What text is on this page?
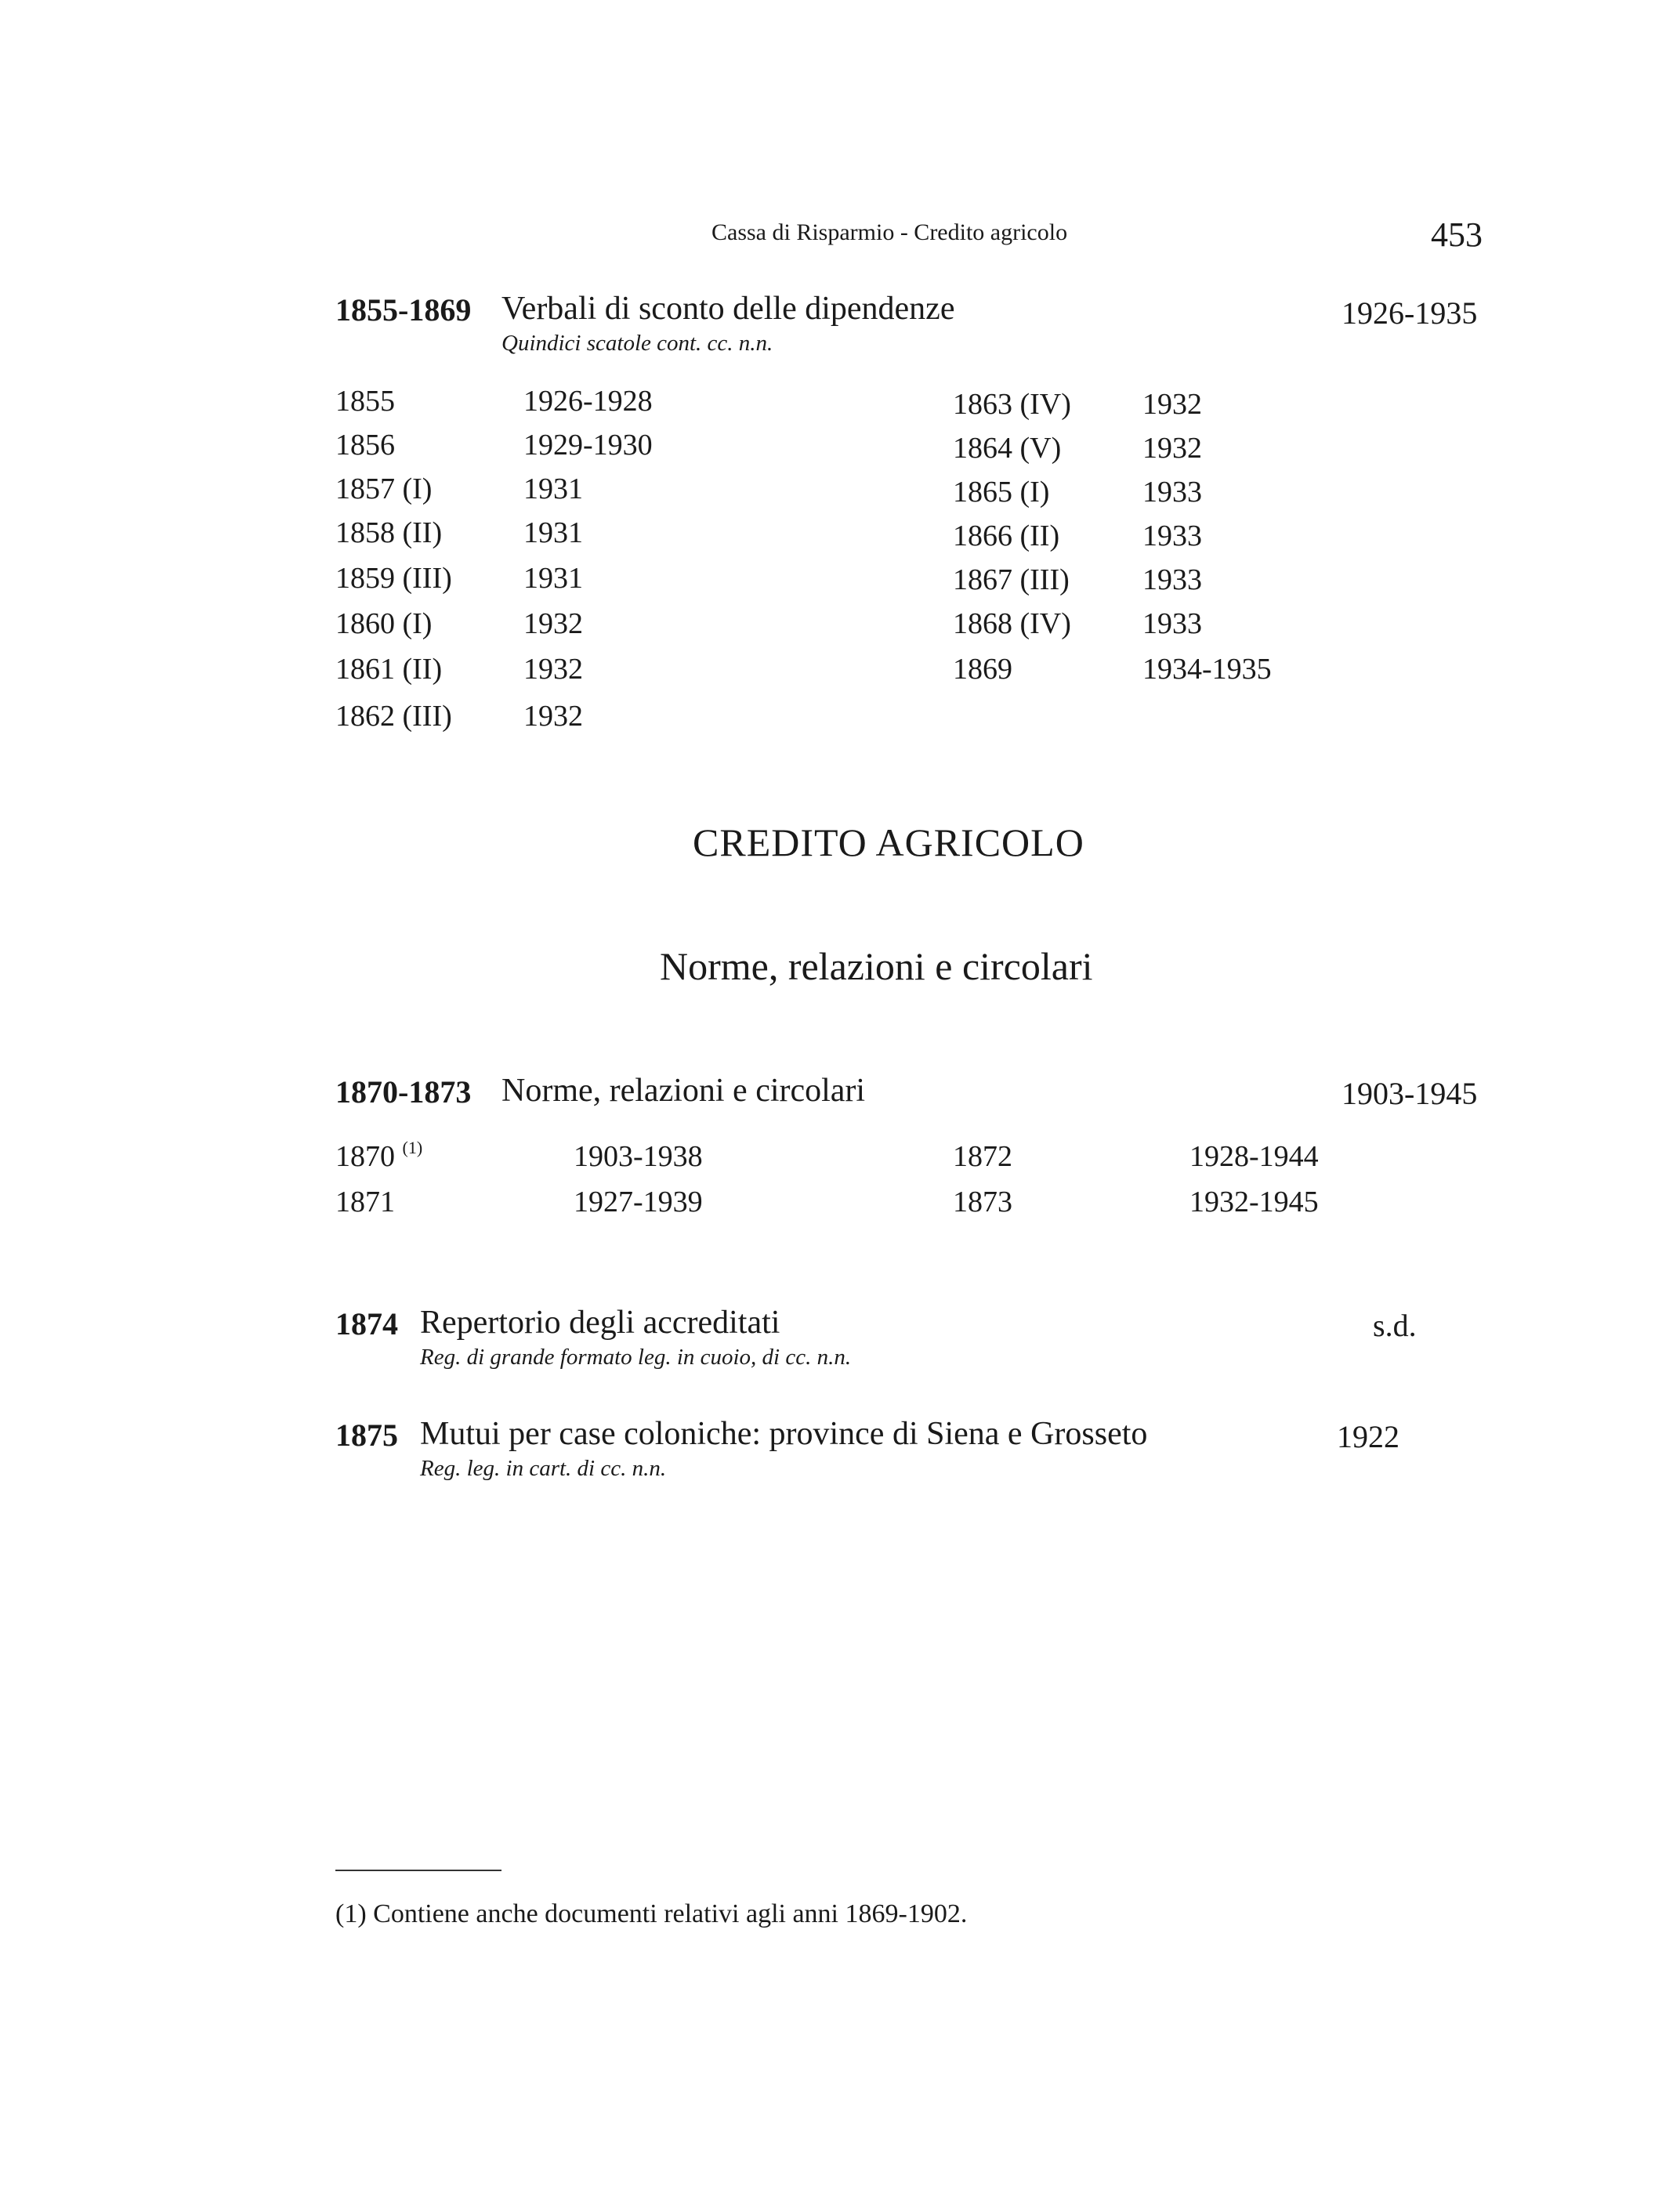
Cassa di Risparmio - Credito agricolo	453
1855-1869 Verbali di sconto delle dipendenze	1926-1935
Quindici scatole cont. cc. n.n.
1855	1926-1928
1856	1929-1930
1857 (I)	1931
1858 (II)	1931
1859 (III) 1931
1860 (I)	1932
1861 (II)	1932
1862 (III) 1932
1863 (IV) 1932
1864 (V)	1932
1865 (I)	1933
1866 (II)	1933
1867 (III) 1933
1868 (IV) 1933
1869	1934-1935
CREDITO AGRICOLO
Norme, relazioni e circolari
1870-1873 Norme, relazioni e circolari	1903-1945
1870 $^{(1)}$	1903-1938
1871	1927-1939
1872	1928-1944
1873	1932-1945
1874 Repertorio degli accreditati	s.d.
Reg. di grande formato leg. in cuoio, di cc. n.n.
1875 Mutui per case coloniche: province di Siena e Grosseto	1922
Reg. leg. in cart. di cc. n.n.
(1) Contiene anche documenti relativi agli anni 1869-1902.
